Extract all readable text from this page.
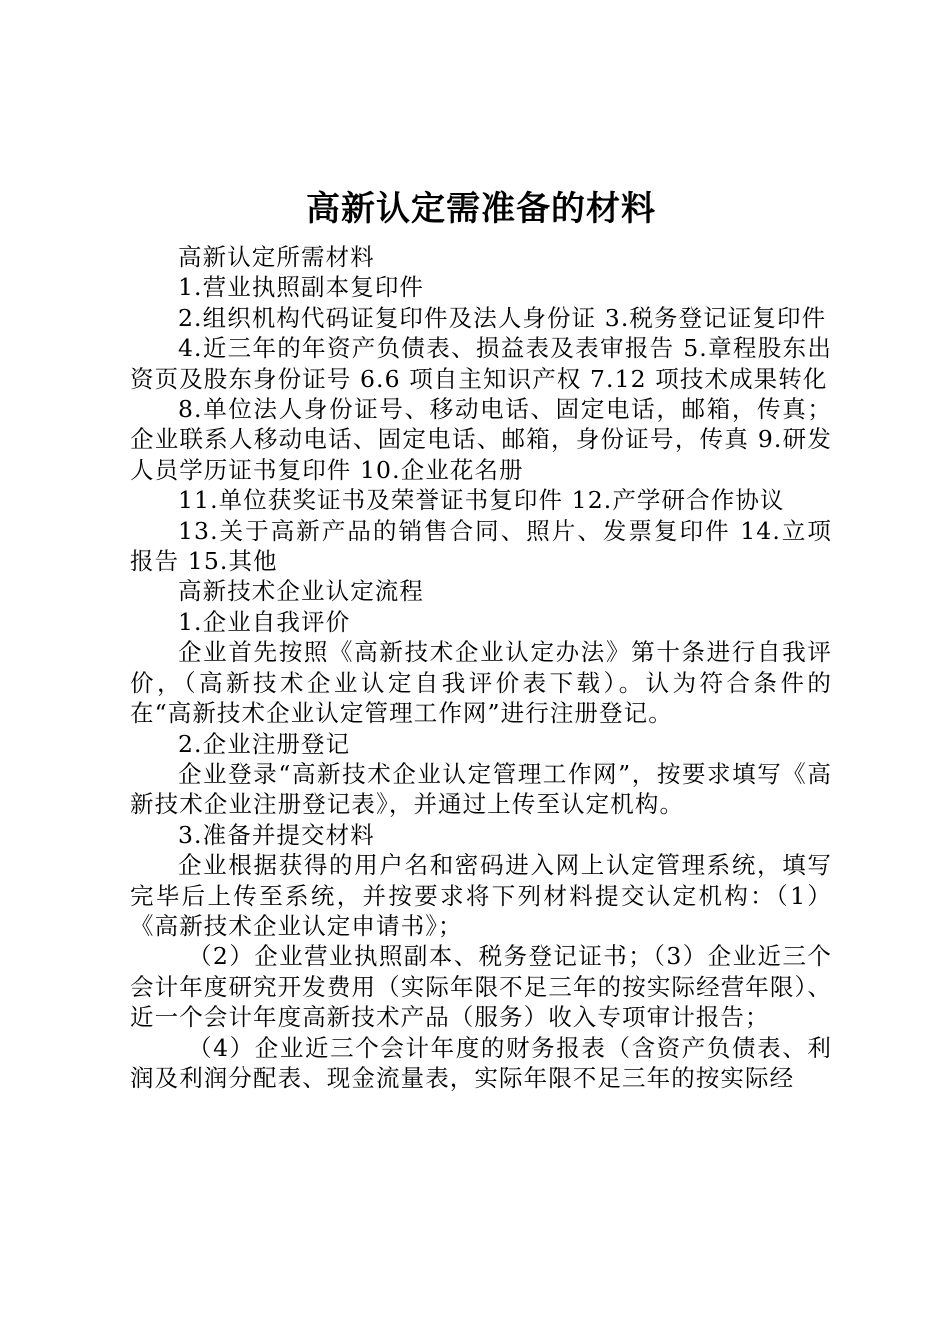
高新认定需准备的材料

高新认定所需材料

1.营业执照副本复印件

2.组织机构代码证复印件及法人身份证 3.税务登记证复印件

4.近三年的年资产负债表、损益表及表审报告 5.章程股东出资页及股东身份证号 6.6 项自主知识产权 7.12 项技术成果转化

8.单位法人身份证号、移动电话、固定电话，邮箱，传真；企业联系人移动电话、固定电话、邮箱，身份证号，传真 9.研发人员学历证书复印件 10.企业花名册

11.单位获奖证书及荣誉证书复印件 12.产学研合作协议

13.关于高新产品的销售合同、照片、发票复印件 14.立项报告 15.其他

高新技术企业认定流程

1.企业自我评价

企业首先按照《高新技术企业认定办法》第十条进行自我评价，（高新技术企业认定自我评价表下载）。认为符合条件的在“高新技术企业认定管理工作网”进行注册登记。

2.企业注册登记

企业登录“高新技术企业认定管理工作网”，按要求填写《高新技术企业注册登记表》，并通过上传至认定机构。

3.准备并提交材料

企业根据获得的用户名和密码进入网上认定管理系统，填写完毕后上传至系统，并按要求将下列材料提交认定机构：（1）《高新技术企业认定申请书》；

（2）企业营业执照副本、税务登记证书；（3）企业近三个会计年度研究开发费用（实际年限不足三年的按实际经营年限）、近一个会计年度高新技术产品（服务）收入专项审计报告；

（4）企业近三个会计年度的财务报表（含资产负债表、利润及利润分配表、现金流量表，实际年限不足三年的按实际经
